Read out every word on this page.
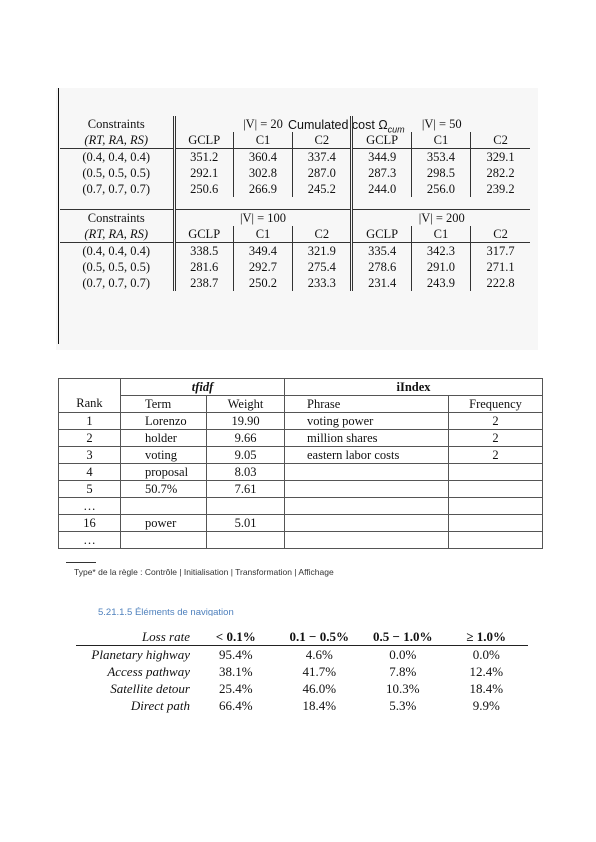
Cumulated cost $\Omega_{cum}$
Constraints	|V| = 20			|V| = 50		
(RT, RA, RS)	GCLP	C1	C2	GCLP	C1	C2
(0.4, 0.4, 0.4)	351.2	360.4	337.4	344.9	353.4	329.1
(0.5, 0.5, 0.5)	292.1	302.8	287.0	287.3	298.5	282.2
(0.7, 0.7, 0.7)	250.6	266.9	245.2	244.0	256.0	239.2

Constraints	|V| = 100			|V| = 200		
(RT, RA, RS)	GCLP	C1	C2	GCLP	C1	C2
(0.4, 0.4, 0.4)	338.5	349.4	321.9	335.4	342.3	317.7
(0.5, 0.5, 0.5)	281.6	292.7	275.4	278.6	291.0	271.1
(0.7, 0.7, 0.7)	238.7	250.2	233.3	231.4	243.9	222.8
	tfidf		iIndex	
Rank	Term	Weight	Phrase	Frequency
1	Lorenzo	19.90	voting power	2
2	holder	9.66	million shares	2
3	voting	9.05	eastern labor costs	2
4	proposal	8.03		
5	50.7%	7.61		
…				
16	power	5.01		
…				
Type* de la règle : Contrôle | Initialisation | Transformation | Affichage
5.21.1.5 Éléments de navigation
Loss rate	< 0.1%	0.1 − 0.5%	0.5 − 1.0%	≥ 1.0%
Planetary highway	95.4%	4.6%	0.0%	0.0%
Access pathway	38.1%	41.7%	7.8%	12.4%
Satellite detour	25.4%	46.0%	10.3%	18.4%
Direct path	66.4%	18.4%	5.3%	9.9%
